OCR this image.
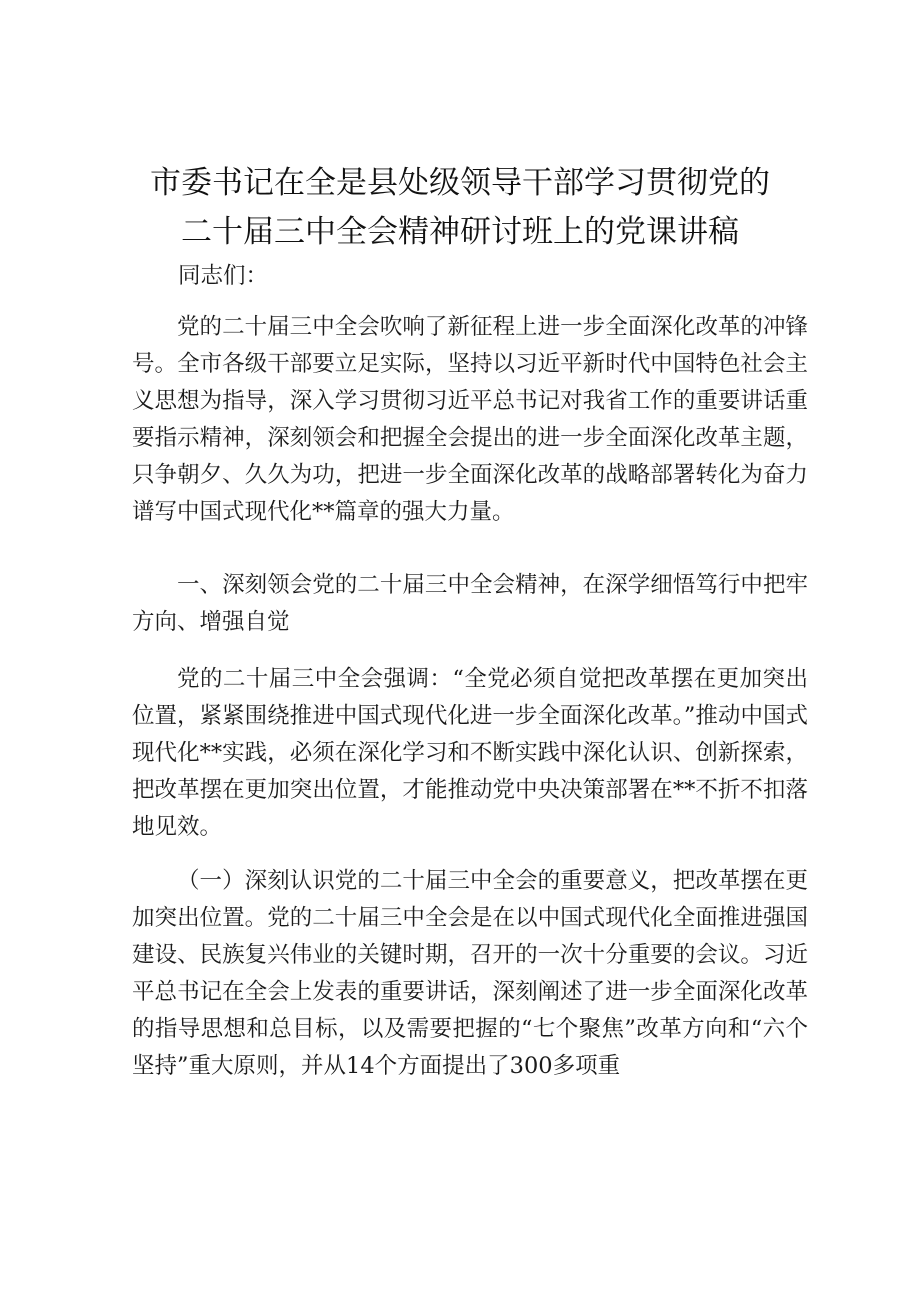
市委书记在全是县处级领导干部学习贯彻党的
二十届三中全会精神研讨班上的党课讲稿

同志们：

党的二十届三中全会吹响了新征程上进一步全面深化改革的冲锋号。全市各级干部要立足实际，坚持以习近平新时代中国特色社会主义思想为指导，深入学习贯彻习近平总书记对我省工作的重要讲话重要指示精神，深刻领会和把握全会提出的进一步全面深化改革主题，只争朝夕、久久为功，把进一步全面深化改革的战略部署转化为奋力谱写中国式现代化**篇章的强大力量。

一、深刻领会党的二十届三中全会精神，在深学细悟笃行中把牢方向、增强自觉

党的二十届三中全会强调：“全党必须自觉把改革摆在更加突出位置，紧紧围绕推进中国式现代化进一步全面深化改革。”推动中国式现代化**实践，必须在深化学习和不断实践中深化认识、创新探索，把改革摆在更加突出位置，才能推动党中央决策部署在**不折不扣落地见效。

（一）深刻认识党的二十届三中全会的重要意义，把改革摆在更加突出位置。党的二十届三中全会是在以中国式现代化全面推进强国建设、民族复兴伟业的关键时期，召开的一次十分重要的会议。习近平总书记在全会上发表的重要讲话，深刻阐述了进一步全面深化改革的指导思想和总目标，以及需要把握的“七个聚焦”改革方向和“六个坚持”重大原则，并从14个方面提出了300多项重
